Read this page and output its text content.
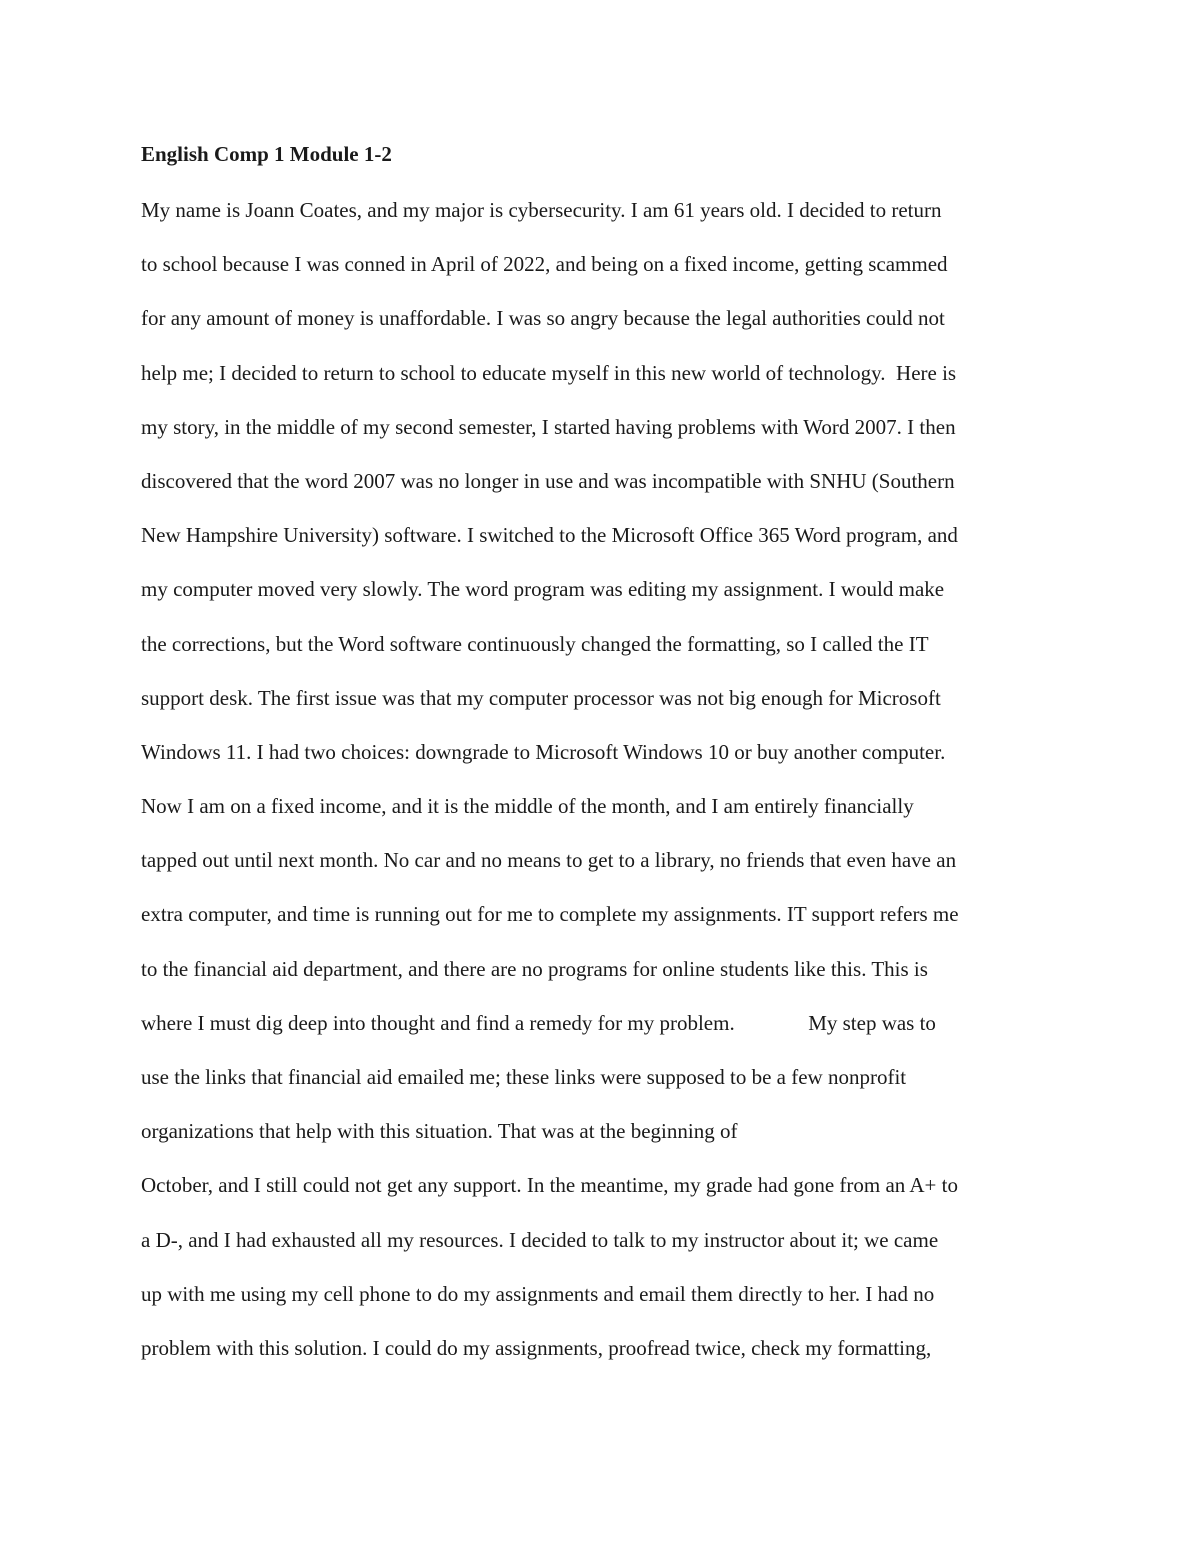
English Comp 1 Module 1-2
My name is Joann Coates, and my major is cybersecurity. I am 61 years old. I decided to return
to school because I was conned in April of 2022, and being on a fixed income, getting scammed
for any amount of money is unaffordable. I was so angry because the legal authorities could not
help me; I decided to return to school to educate myself in this new world of technology.  Here is
my story, in the middle of my second semester, I started having problems with Word 2007. I then
discovered that the word 2007 was no longer in use and was incompatible with SNHU (Southern
New Hampshire University) software. I switched to the Microsoft Office 365 Word program, and
my computer moved very slowly. The word program was editing my assignment. I would make
the corrections, but the Word software continuously changed the formatting, so I called the IT
support desk. The first issue was that my computer processor was not big enough for Microsoft
Windows 11. I had two choices: downgrade to Microsoft Windows 10 or buy another computer.
Now I am on a fixed income, and it is the middle of the month, and I am entirely financially
tapped out until next month. No car and no means to get to a library, no friends that even have an
extra computer, and time is running out for me to complete my assignments. IT support refers me
to the financial aid department, and there are no programs for online students like this. This is
where I must dig deep into thought and find a remedy for my problem.              My step was to
use the links that financial aid emailed me; these links were supposed to be a few nonprofit
organizations that help with this situation. That was at the beginning of
October, and I still could not get any support. In the meantime, my grade had gone from an A+ to
a D-, and I had exhausted all my resources. I decided to talk to my instructor about it; we came
up with me using my cell phone to do my assignments and email them directly to her. I had no
problem with this solution. I could do my assignments, proofread twice, check my formatting,
